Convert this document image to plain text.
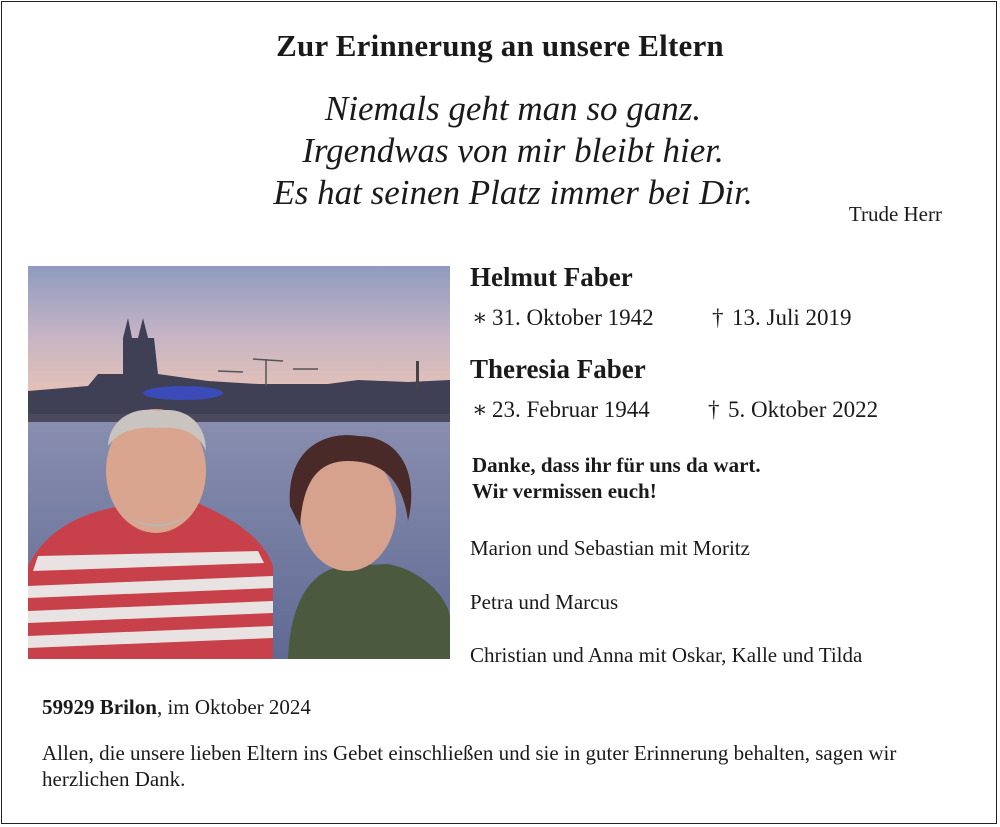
Zur Erinnerung an unsere Eltern
Niemals geht man so ganz.
Irgendwas von mir bleibt hier.
Es hat seinen Platz immer bei Dir.
Trude Herr
Helmut Faber
∗ 31. Oktober 1942	† 13. Juli 2019
Theresia Faber
∗ 23. Februar 1944	† 5. Oktober 2022
Danke, dass ihr für uns da wart.
Wir vermissen euch!
Marion und Sebastian mit Moritz
Petra und Marcus
Christian und Anna mit Oskar, Kalle und Tilda
59929 Brilon, im Oktober 2024
Allen, die unsere lieben Eltern ins Gebet einschließen und sie in guter Erinnerung behalten, sagen wir herzlichen Dank.
